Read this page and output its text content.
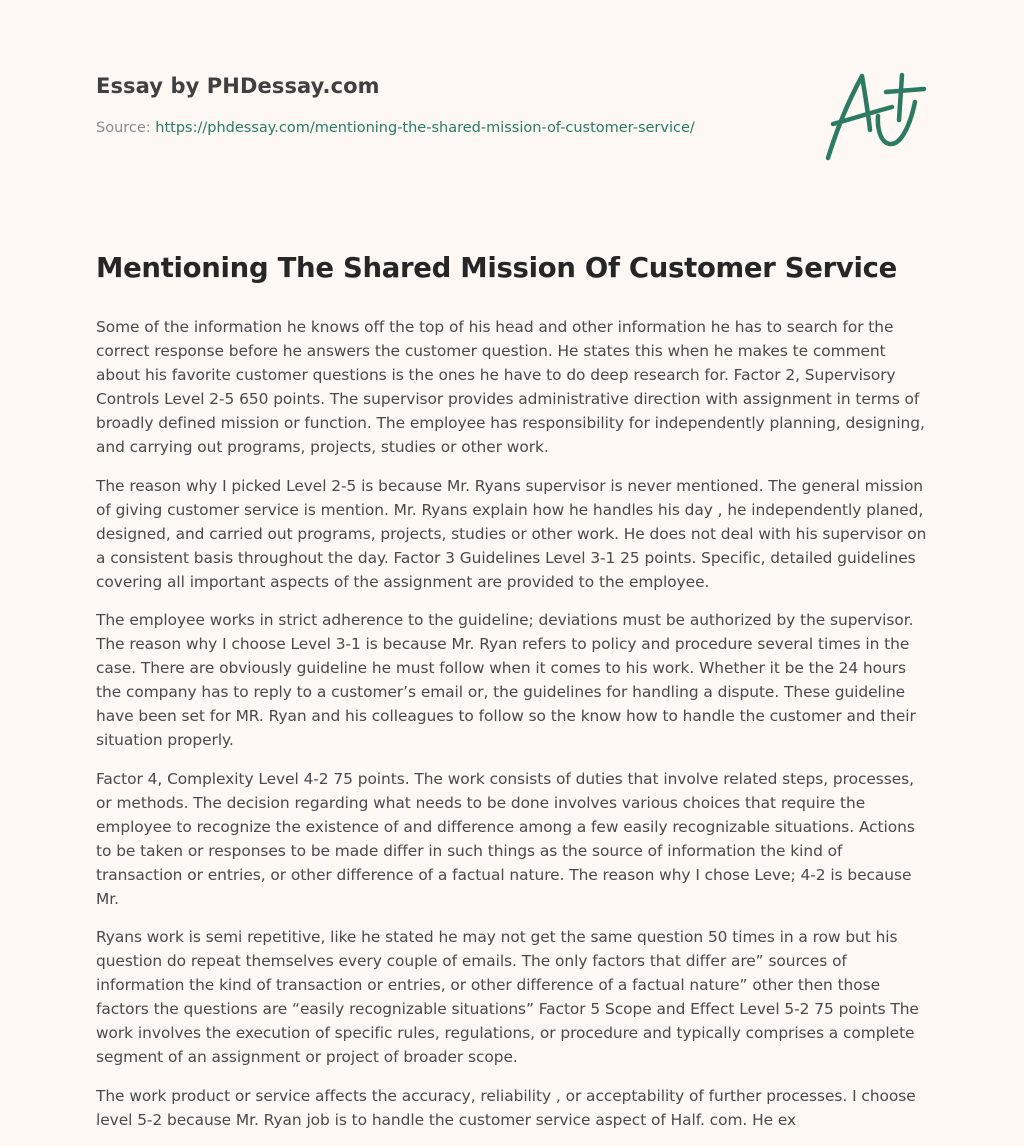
Essay by PHDessay.com
Source: https://phdessay.com/mentioning-the-shared-mission-of-customer-service/
Mentioning The Shared Mission Of Customer Service

Some of the information he knows off the top of his head and other information he has to search for the correct response before he answers the customer question. He states this when he makes te comment about his favorite customer questions is the ones he have to do deep research for. Factor 2, Supervisory Controls Level 2-5 650 points. The supervisor provides administrative direction with assignment in terms of broadly defined mission or function. The employee has responsibility for independently planning, designing, and carrying out programs, projects, studies or other work.

The reason why I picked Level 2-5 is because Mr. Ryans supervisor is never mentioned. The general mission of giving customer service is mention. Mr. Ryans explain how he handles his day , he independently planed, designed, and carried out programs, projects, studies or other work. He does not deal with his supervisor on a consistent basis throughout the day. Factor 3 Guidelines Level 3-1 25 points. Specific, detailed guidelines covering all important aspects of the assignment are provided to the employee.

The employee works in strict adherence to the guideline; deviations must be authorized by the supervisor. The reason why I choose Level 3-1 is because Mr. Ryan refers to policy and procedure several times in the case. There are obviously guideline he must follow when it comes to his work. Whether it be the 24 hours the company has to reply to a customer’s email or, the guidelines for handling a dispute. These guideline have been set for MR. Ryan and his colleagues to follow so the know how to handle the customer and their situation properly.

Factor 4, Complexity Level 4-2 75 points. The work consists of duties that involve related steps, processes, or methods. The decision regarding what needs to be done involves various choices that require the employee to recognize the existence of and difference among a few easily recognizable situations. Actions to be taken or responses to be made differ in such things as the source of information the kind of transaction or entries, or other difference of a factual nature. The reason why I chose Leve; 4-2 is because Mr.

Ryans work is semi repetitive, like he stated he may not get the same question 50 times in a row but his question do repeat themselves every couple of emails. The only factors that differ are” sources of information the kind of transaction or entries, or other difference of a factual nature” other then those factors the questions are “easily recognizable situations” Factor 5 Scope and Effect Level 5-2 75 points The work involves the execution of specific rules, regulations, or procedure and typically comprises a complete segment of an assignment or project of broader scope.

The work product or service affects the accuracy, reliability , or acceptability of further processes. I choose level 5-2 because Mr. Ryan job is to handle the customer service aspect of Half. com. He ex
